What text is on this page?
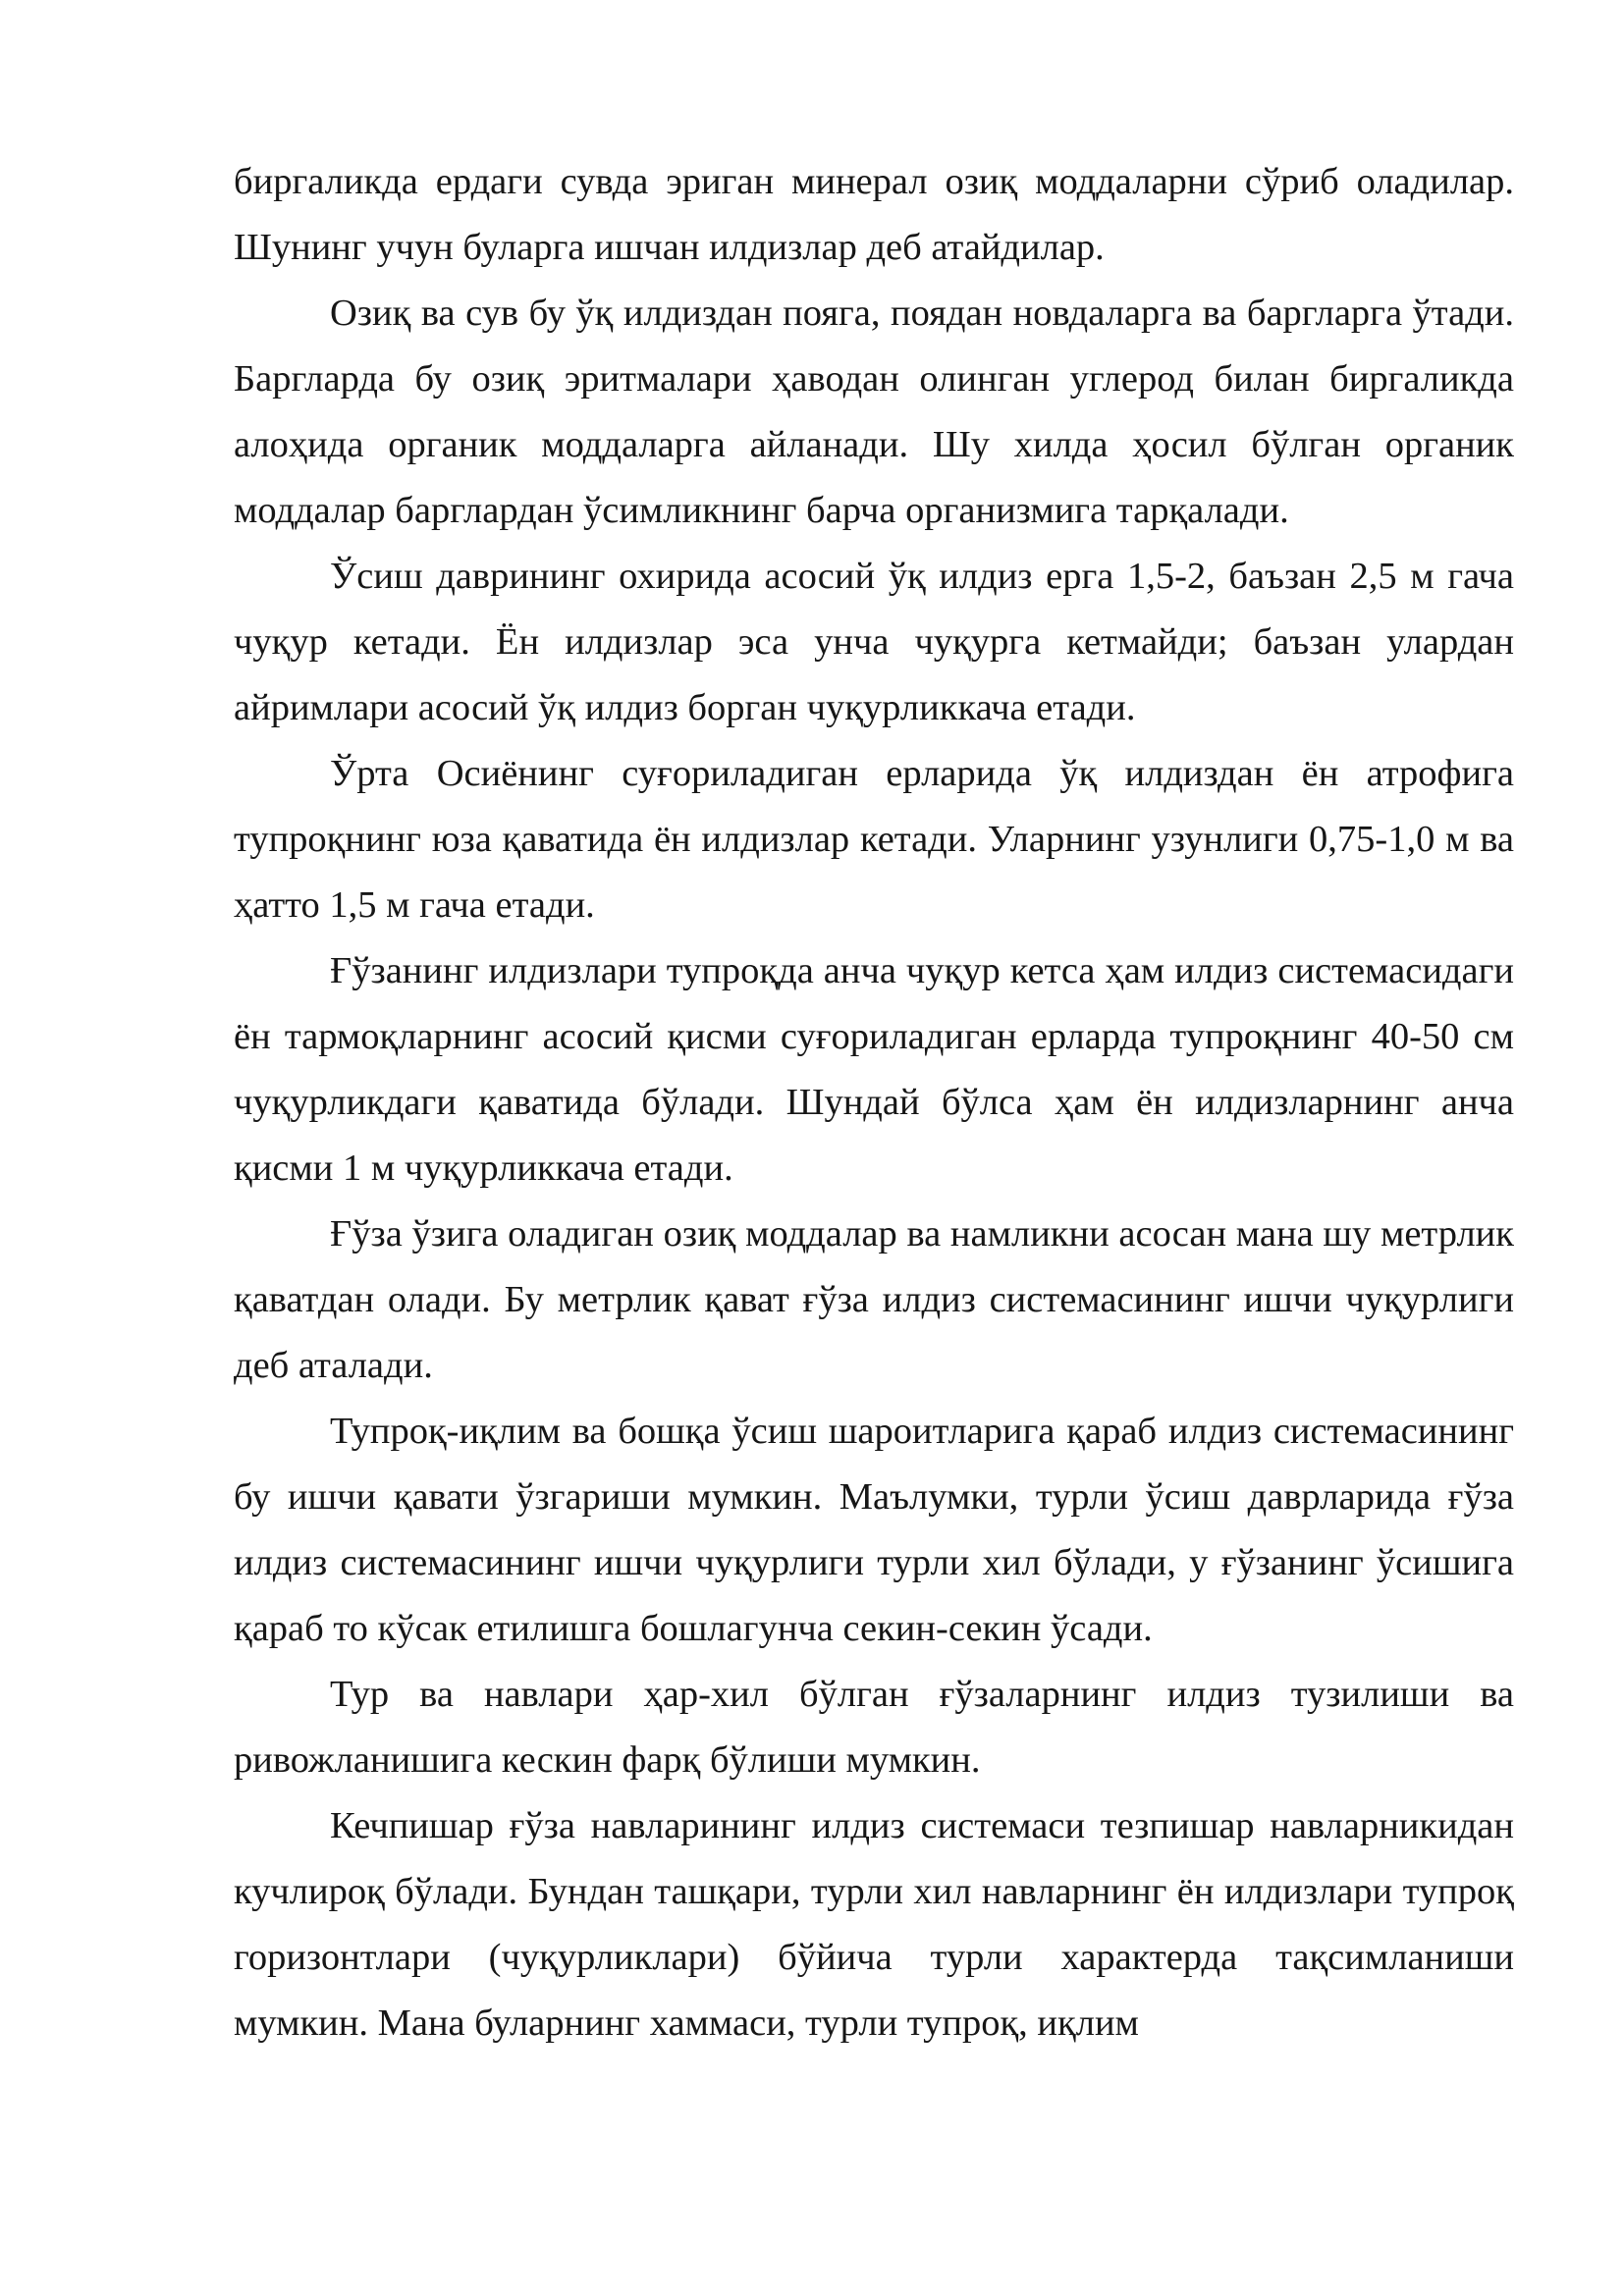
биргаликда ердаги сувда эриган минерал озиқ моддаларни сўриб оладилар. Шунинг учун буларга ишчан илдизлар деб атайдилар.

Озиқ ва сув бу ўқ илдиздан пояга, поядан новдаларга ва баргларга ўтади. Баргларда бу озиқ эритмалари ҳаводан олинган углерод билан биргаликда алоҳида органик моддаларга айланади. Шу хилда ҳосил бўлган органик моддалар барглардан ўсимликнинг барча организмига тарқалади.

Ўсиш даврининг охирида асосий ўқ илдиз ерга 1,5-2, баъзан 2,5 м гача чуқур кетади. Ён илдизлар эса унча чуқурга кетмайди; баъзан улардан айримлари асосий ўқ илдиз борган чуқурликкача етади.

Ўрта Осиёнинг суғориладиган ерларида ўқ илдиздан ён атрофига тупроқнинг юза қаватида ён илдизлар кетади. Уларнинг узунлиги 0,75-1,0 м ва ҳатто 1,5 м гача етади.

Ғўзанинг илдизлари тупроқда анча чуқур кетса ҳам илдиз системасидаги ён тармоқларнинг асосий қисми суғориладиган ерларда тупроқнинг 40-50 см чуқурликдаги қаватида бўлади. Шундай бўлса ҳам ён илдизларнинг анча қисми 1 м чуқурликкача етади.

Ғўза ўзига оладиган озиқ моддалар ва намликни асосан мана шу метрлик қаватдан олади. Бу метрлик қават ғўза илдиз системасининг ишчи чуқурлиги деб аталади.

Тупроқ-иқлим ва бошқа ўсиш шароитларига қараб илдиз системасининг бу ишчи қавати ўзгариши мумкин. Маълумки, турли ўсиш даврларида ғўза илдиз системасининг ишчи чуқурлиги турли хил бўлади, у ғўзанинг ўсишига қараб то кўсак етилишга бошлагунча секин-секин ўсади.

Тур ва навлари ҳар-хил бўлган ғўзаларнинг илдиз тузилиши ва ривожланишига кескин фарқ бўлиши мумкин.

Кечпишар ғўза навларининг илдиз системаси тезпишар навларникидан кучлироқ бўлади. Бундан ташқари, турли хил навларнинг ён илдизлари тупроқ горизонтлари (чуқурликлари) бўйича турли характерда тақсимланиши мумкин. Мана буларнинг хаммаси, турли тупроқ, иқлим
